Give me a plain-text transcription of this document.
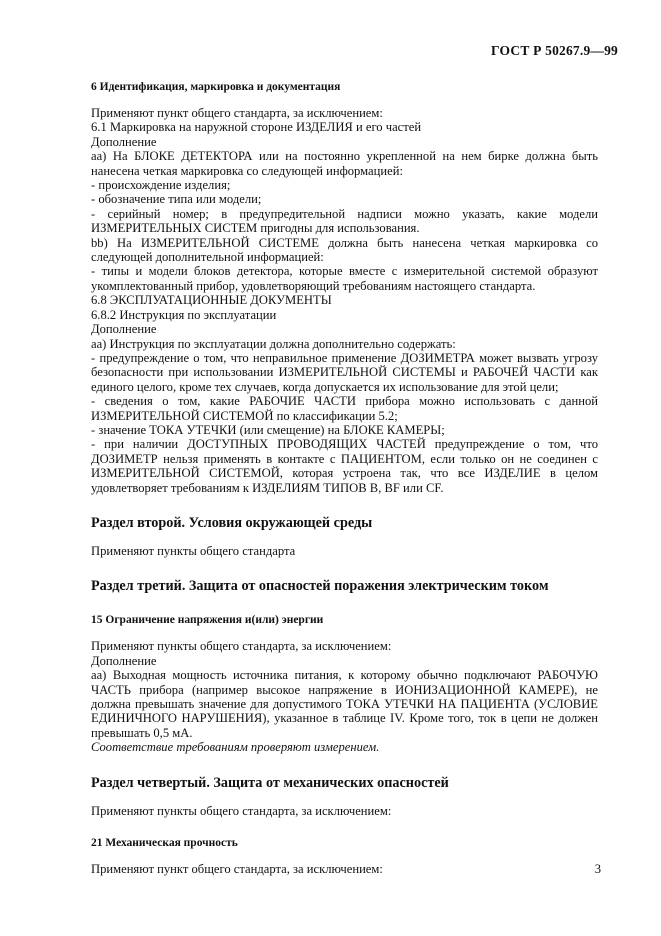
ГОСТ Р 50267.9—99

6 Идентификация, маркировка и документация

Применяют пункт общего стандарта, за исключением:

6.1 Маркировка на наружной стороне ИЗДЕЛИЯ и его частей

Дополнение

аа) На БЛОКЕ ДЕТЕКТОРА или на постоянно укрепленной на нем бирке должна быть нанесена четкая маркировка со следующей информацией:

- происхождение изделия;

- обозначение типа или модели;

- серийный номер; в предупредительной надписи можно указать, какие модели ИЗМЕРИТЕЛЬНЫХ СИСТЕМ пригодны для использования.

bb) На ИЗМЕРИТЕЛЬНОЙ СИСТЕМЕ должна быть нанесена четкая маркировка со следующей дополнительной информацией:

- типы и модели блоков детектора, которые вместе с измерительной системой образуют укомплектованный прибор, удовлетворяющий требованиям настоящего стандарта.

6.8 ЭКСПЛУАТАЦИОННЫЕ ДОКУМЕНТЫ

6.8.2 Инструкция по эксплуатации

Дополнение

аа) Инструкция по эксплуатации должна дополнительно содержать:

- предупреждение о том, что неправильное применение ДОЗИМЕТРА может вызвать угрозу безопасности при использовании ИЗМЕРИТЕЛЬНОЙ СИСТЕМЫ и РАБОЧЕЙ ЧАСТИ как единого целого, кроме тех случаев, когда допускается их использование для этой цели;

- сведения о том, какие РАБОЧИЕ ЧАСТИ прибора можно использовать с данной ИЗМЕРИТЕЛЬНОЙ СИСТЕМОЙ по классификации 5.2;

- значение ТОКА УТЕЧКИ (или смещение) на БЛОКЕ КАМЕРЫ;

- при наличии ДОСТУПНЫХ ПРОВОДЯЩИХ ЧАСТЕЙ предупреждение о том, что ДОЗИМЕТР нельзя применять в контакте с ПАЦИЕНТОМ, если только он не соединен с ИЗМЕРИТЕЛЬНОЙ СИСТЕМОЙ, которая устроена так, что все ИЗДЕЛИЕ в целом удовлетворяет требованиям к ИЗДЕЛИЯМ ТИПОВ В, BF или CF.

Раздел второй. Условия окружающей среды

Применяют пункты общего стандарта

Раздел третий. Защита от опасностей поражения электрическим током

15 Ограничение напряжения и(или) энергии

Применяют пункты общего стандарта, за исключением:

Дополнение

аа) Выходная мощность источника питания, к которому обычно подключают РАБОЧУЮ ЧАСТЬ прибора (например высокое напряжение в ИОНИЗАЦИОННОЙ КАМЕРЕ), не должна превышать значение для допустимого ТОКА УТЕЧКИ НА ПАЦИЕНТА (УСЛОВИЕ ЕДИНИЧНОГО НАРУШЕНИЯ), указанное в таблице IV. Кроме того, ток в цепи не должен превышать 0,5 мА.

Соответствие требованиям проверяют измерением.

Раздел четвертый. Защита от механических опасностей

Применяют пункты общего стандарта, за исключением:

21 Механическая прочность

Применяют пункт общего стандарта, за исключением:	3
